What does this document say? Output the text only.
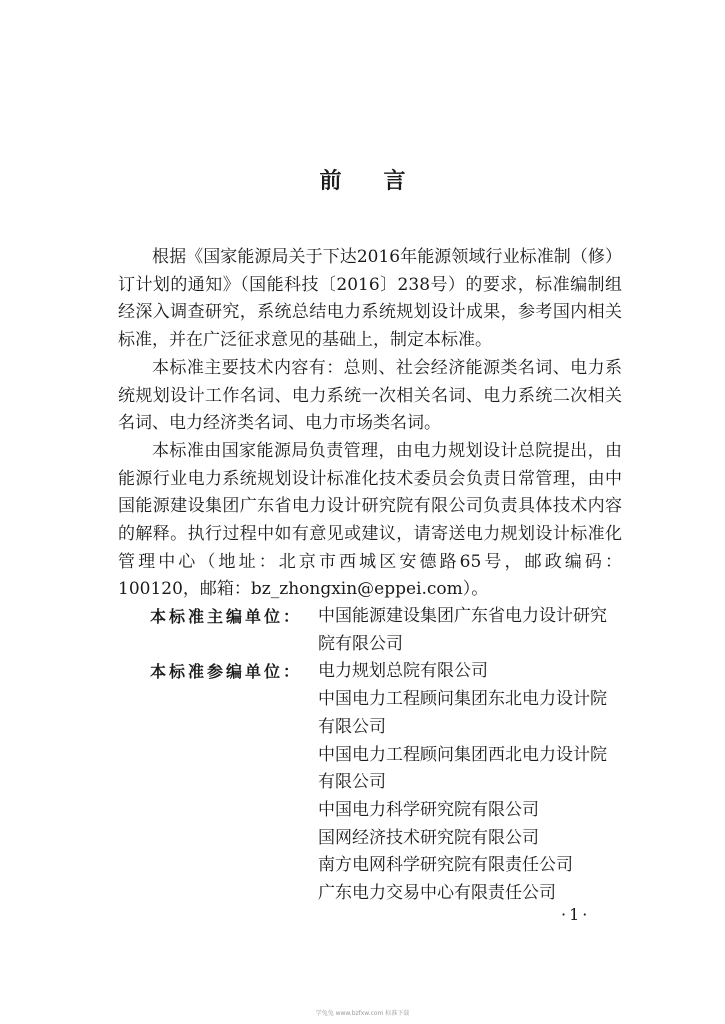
根据《国家能源局关于下达2016年能源领域行业标准制（修）订计划的通知》（国能科技〔2016〕238号）的要求，标准编制组经深入调查研究，系统总结电力系统规划设计成果，参考国内相关标准，并在广泛征求意见的基础上，制定本标准。

本标准主要技术内容有：总则、社会经济能源类名词、电力系统规划设计工作名词、电力系统一次相关名词、电力系统二次相关名词、电力经济类名词、电力市场类名词。

本标准由国家能源局负责管理，由电力规划设计总院提出，由能源行业电力系统规划设计标准化技术委员会负责日常管理，由中国能源建设集团广东省电力设计研究院有限公司负责具体技术内容的解释。执行过程中如有意见或建议，请寄送电力规划设计标准化管理中心（地址：北京市西城区安德路65号，邮政编码：100120，邮箱：bz_zhongxin@eppei.com）。

前言
本标准主编单位： 中国能源建设集团广东省电力设计研究院有限公司
本标准参编单位： 电力规划总院有限公司
中国电力工程顾问集团东北电力设计院有限公司
中国电力工程顾问集团西北电力设计院有限公司
中国电力科学研究院有限公司
国网经济技术研究院有限公司
南方电网科学研究院有限责任公司
广东电力交易中心有限责任公司
·1·
学兔兔 www.bzfxw.com 标准下载
